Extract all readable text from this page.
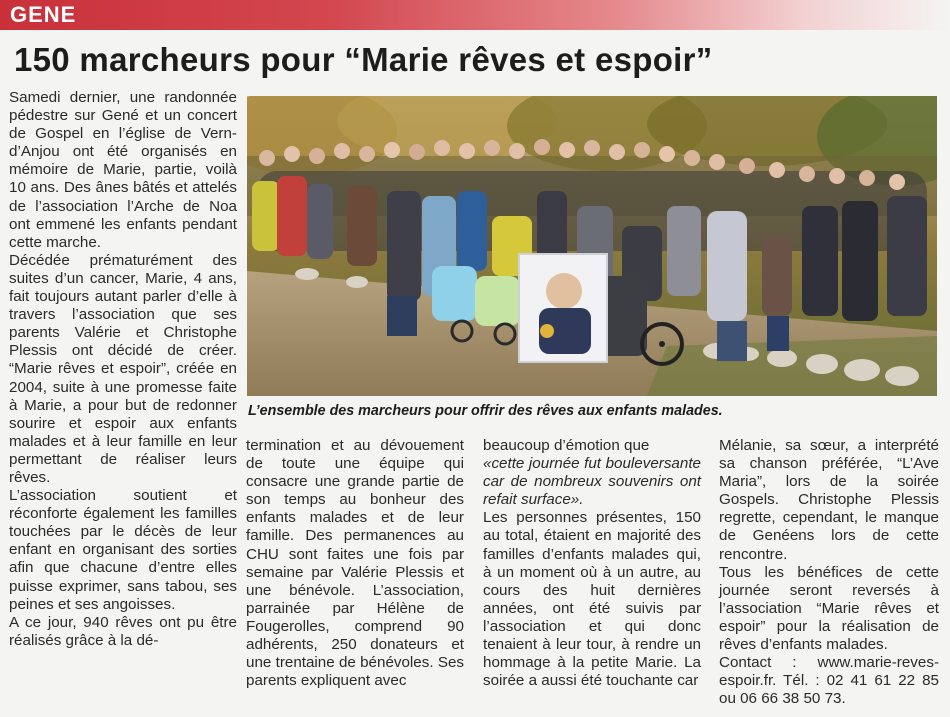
GENE
150 marcheurs pour “Marie rêves et espoir”

Samedi dernier, une randonnée pédestre sur Gené et un concert de Gospel en l’église de Vern-d’Anjou ont été organisés en mémoire de Marie, partie, voilà 10 ans. Des ânes bâtés et attelés de l’association l’Arche de Noa ont emmené les enfants pendant cette marche.

Décédée prématurément des suites d’un cancer, Marie, 4 ans, fait toujours autant parler d’elle à travers l’association que ses parents Valérie et Christophe Plessis ont décidé de créer. “Marie rêves et espoir”, créée en 2004, suite à une promesse faite à Marie, a pour but de redonner sourire et espoir aux enfants malades et à leur famille en leur permettant de réaliser leurs rêves.

L’association soutient et réconforte également les familles touchées par le décès de leur enfant en organisant des sorties afin que chacune d’entre elles puisse exprimer, sans tabou, ses peines et ses angoisses.

A ce jour, 940 rêves ont pu être réalisés grâce à la dé-

L’ensemble des marcheurs pour offrir des rêves aux enfants malades.

termination et au dévouement de toute une équipe qui consacre une grande partie de son temps au bonheur des enfants malades et de leur famille. Des permanences au CHU sont faites une fois par semaine par Valérie Plessis et une bénévole. L’association, parrainée par Hélène de Fougerolles, comprend 90 adhérents, 250 donateurs et une trentaine de bénévoles. Ses parents expliquent avec

beaucoup d’émotion que

«cette journée fut bouleversante car de nombreux souvenirs ont refait surface».

Les personnes présentes, 150 au total, étaient en majorité des familles d’enfants malades qui, à un moment où à un autre, au cours des huit dernières années, ont été suivis par l’association et qui donc tenaient à leur tour, à rendre un hommage à la petite Marie. La soirée a aussi été touchante car

Mélanie, sa sœur, a interprété sa chanson préférée, “L’Ave Maria”, lors de la soirée Gospels. Christophe Plessis regrette, cependant, le manque de Genéens lors de cette rencontre.

Tous les bénéfices de cette journée seront reversés à l’association “Marie rêves et espoir” pour la réalisation de rêves d’enfants malades.

Contact : www.marie-reves-espoir.fr. Tél. : 02 41 61 22 85 ou 06 66 38 50 73.
